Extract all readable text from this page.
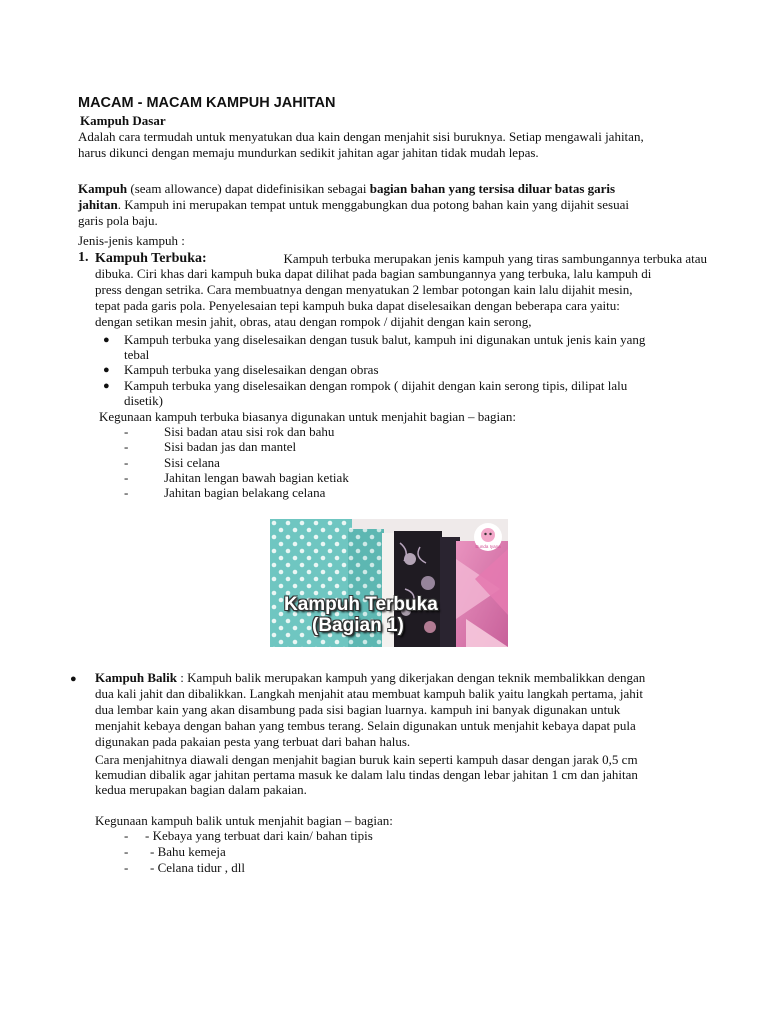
MACAM - MACAM KAMPUH JAHITAN
Kampuh Dasar
Adalah cara termudah untuk menyatukan dua kain dengan menjahit sisi buruknya. Setiap mengawali jahitan,
harus dikunci dengan memaju mundurkan sedikit jahitan agar jahitan tidak mudah lepas.
Kampuh (seam allowance) dapat didefinisikan sebagai bagian bahan yang tersisa diluar batas garis
jahitan. Kampuh ini merupakan tempat untuk menggabungkan dua potong bahan kain yang dijahit sesuai
garis pola baju.
Jenis-jenis kampuh :
1. Kampuh Terbuka:	Kampuh terbuka merupakan jenis kampuh yang tiras sambungannya terbuka atau
dibuka. Ciri khas dari kampuh buka dapat dilihat pada bagian sambungannya yang terbuka, lalu kampuh di
press dengan setrika. Cara membuatnya dengan menyatukan 2 lembar potongan kain lalu dijahit mesin,
tepat pada garis pola. Penyelesaian tepi kampuh buka dapat diselesaikan dengan beberapa cara yaitu:
dengan setikan mesin jahit, obras, atau dengan rompok / dijahit dengan kain serong,
● Kampuh terbuka yang diselesaikan dengan tusuk balut, kampuh ini digunakan untuk jenis kain yang
tebal
● Kampuh terbuka yang diselesaikan dengan obras
● Kampuh terbuka yang diselesaikan dengan rompok ( dijahit dengan kain serong tipis, dilipat lalu
disetik)
Kegunaan kampuh terbuka biasanya digunakan untuk menjahit bagian – bagian:
-	Sisi badan atau sisi rok dan bahu
-	Sisi badan jas dan mantel
-	Sisi celana
-	Jahitan lengan bawah bagian ketiak
-	Jahitan bagian belakang celana
Bunda Iyana
Kampuh Terbuka
(Bagian 1)
● Kampuh Balik : Kampuh balik merupakan kampuh yang dikerjakan dengan teknik membalikkan dengan
dua kali jahit dan dibalikkan. Langkah menjahit atau membuat kampuh balik yaitu langkah pertama, jahit
dua lembar kain yang akan disambung pada sisi bagian luarnya. kampuh ini banyak digunakan untuk
menjahit kebaya dengan bahan yang tembus terang. Selain digunakan untuk menjahit kebaya dapat pula
digunakan pada pakaian pesta yang terbuat dari bahan halus.
Cara menjahitnya diawali dengan menjahit bagian buruk kain seperti kampuh dasar dengan jarak 0,5 cm
kemudian dibalik agar jahitan pertama masuk ke dalam lalu tindas dengan lebar jahitan 1 cm dan jahitan
kedua merupakan bagian dalam pakaian.
Kegunaan kampuh balik untuk menjahit bagian – bagian:
- - Kebaya yang terbuat dari kain/ bahan tipis
- - Bahu kemeja
- - Celana tidur , dll
